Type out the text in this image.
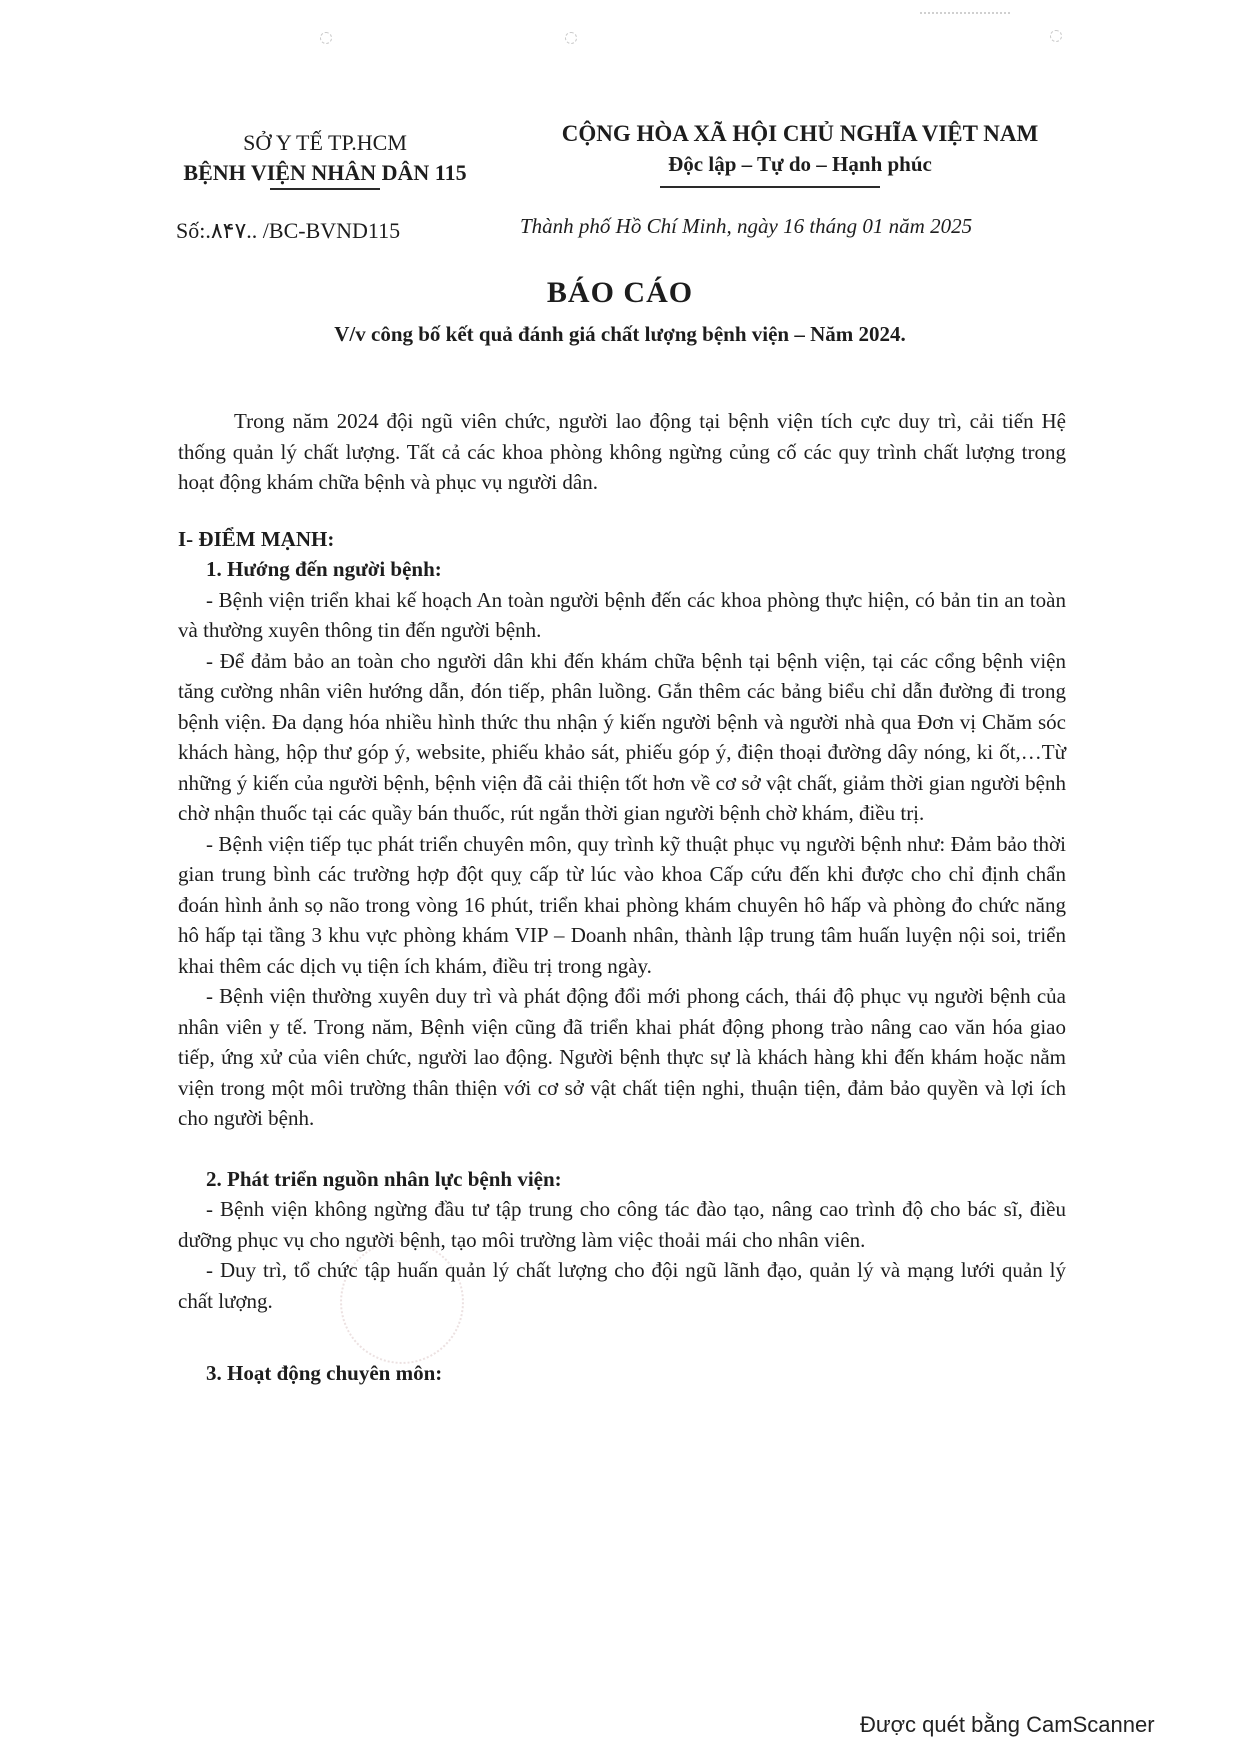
SỞ Y TẾ TP.HCM
BỆNH VIỆN NHÂN DÂN 115
CỘNG HÒA XÃ HỘI CHỦ NGHĨA VIỆT NAM
Độc lập – Tự do – Hạnh phúc
Số:.۸۴۷.. /BC-BVND115	Thành phố Hồ Chí Minh, ngày 16 tháng 01 năm 2025
BÁO CÁO
V/v công bố kết quả đánh giá chất lượng bệnh viện – Năm 2024.

Trong năm 2024 đội ngũ viên chức, người lao động tại bệnh viện tích cực duy trì, cải tiến Hệ thống quản lý chất lượng. Tất cả các khoa phòng không ngừng củng cố các quy trình chất lượng trong hoạt động khám chữa bệnh và phục vụ người dân.

I- ĐIỂM MẠNH:

1. Hướng đến người bệnh:

- Bệnh viện triển khai kế hoạch An toàn người bệnh đến các khoa phòng thực hiện, có bản tin an toàn và thường xuyên thông tin đến người bệnh.

- Để đảm bảo an toàn cho người dân khi đến khám chữa bệnh tại bệnh viện, tại các cổng bệnh viện tăng cường nhân viên hướng dẫn, đón tiếp, phân luồng. Gắn thêm các bảng biểu chỉ dẫn đường đi trong bệnh viện. Đa dạng hóa nhiều hình thức thu nhận ý kiến người bệnh và người nhà qua Đơn vị Chăm sóc khách hàng, hộp thư góp ý, website, phiếu khảo sát, phiếu góp ý, điện thoại đường dây nóng, ki ốt,…Từ những ý kiến của người bệnh, bệnh viện đã cải thiện tốt hơn về cơ sở vật chất, giảm thời gian người bệnh chờ nhận thuốc tại các quầy bán thuốc, rút ngắn thời gian người bệnh chờ khám, điều trị.

- Bệnh viện tiếp tục phát triển chuyên môn, quy trình kỹ thuật phục vụ người bệnh như: Đảm bảo thời gian trung bình các trường hợp đột quỵ cấp từ lúc vào khoa Cấp cứu đến khi được cho chỉ định chẩn đoán hình ảnh sọ não trong vòng 16 phút, triển khai phòng khám chuyên hô hấp và phòng đo chức năng hô hấp tại tầng 3 khu vực phòng khám VIP – Doanh nhân, thành lập trung tâm huấn luyện nội soi, triển khai thêm các dịch vụ tiện ích khám, điều trị trong ngày.

- Bệnh viện thường xuyên duy trì và phát động đổi mới phong cách, thái độ phục vụ người bệnh của nhân viên y tế. Trong năm, Bệnh viện cũng đã triển khai phát động phong trào nâng cao văn hóa giao tiếp, ứng xử của viên chức, người lao động. Người bệnh thực sự là khách hàng khi đến khám hoặc nằm viện trong một môi trường thân thiện với cơ sở vật chất tiện nghi, thuận tiện, đảm bảo quyền và lợi ích cho người bệnh.

2. Phát triển nguồn nhân lực bệnh viện:

- Bệnh viện không ngừng đầu tư tập trung cho công tác đào tạo, nâng cao trình độ cho bác sĩ, điều dưỡng phục vụ cho người bệnh, tạo môi trường làm việc thoải mái cho nhân viên.

- Duy trì, tổ chức tập huấn quản lý chất lượng cho đội ngũ lãnh đạo, quản lý và mạng lưới quản lý chất lượng.

3. Hoạt động chuyên môn:

Được quét bằng CamScanner
